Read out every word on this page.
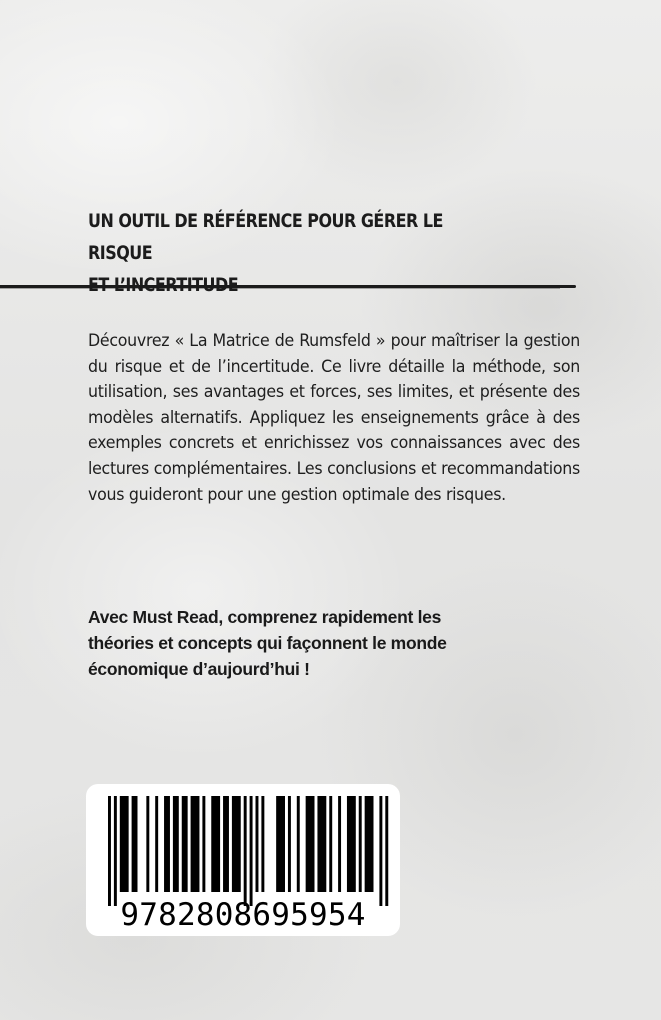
UN OUTIL DE RÉFÉRENCE POUR GÉRER LE RISQUE

Découvrez « La Matrice de Rumsfeld » pour maîtriser la gestion du risque et de l’incertitude. Ce livre détaille la méthode, son utilisation, ses avantages et forces, ses limites, et présente des modèles alternatifs. Appliquez les enseignements grâce à des exemples concrets et enrichissez vos connaissances avec des lectures complémentaires. Les conclusions et recommandations vous guideront pour une gestion optimale des risques.

Avec Must Read, comprenez rapidement les
théories et concepts qui façonnent le monde
économique d’aujourd’hui !

9782808695954
